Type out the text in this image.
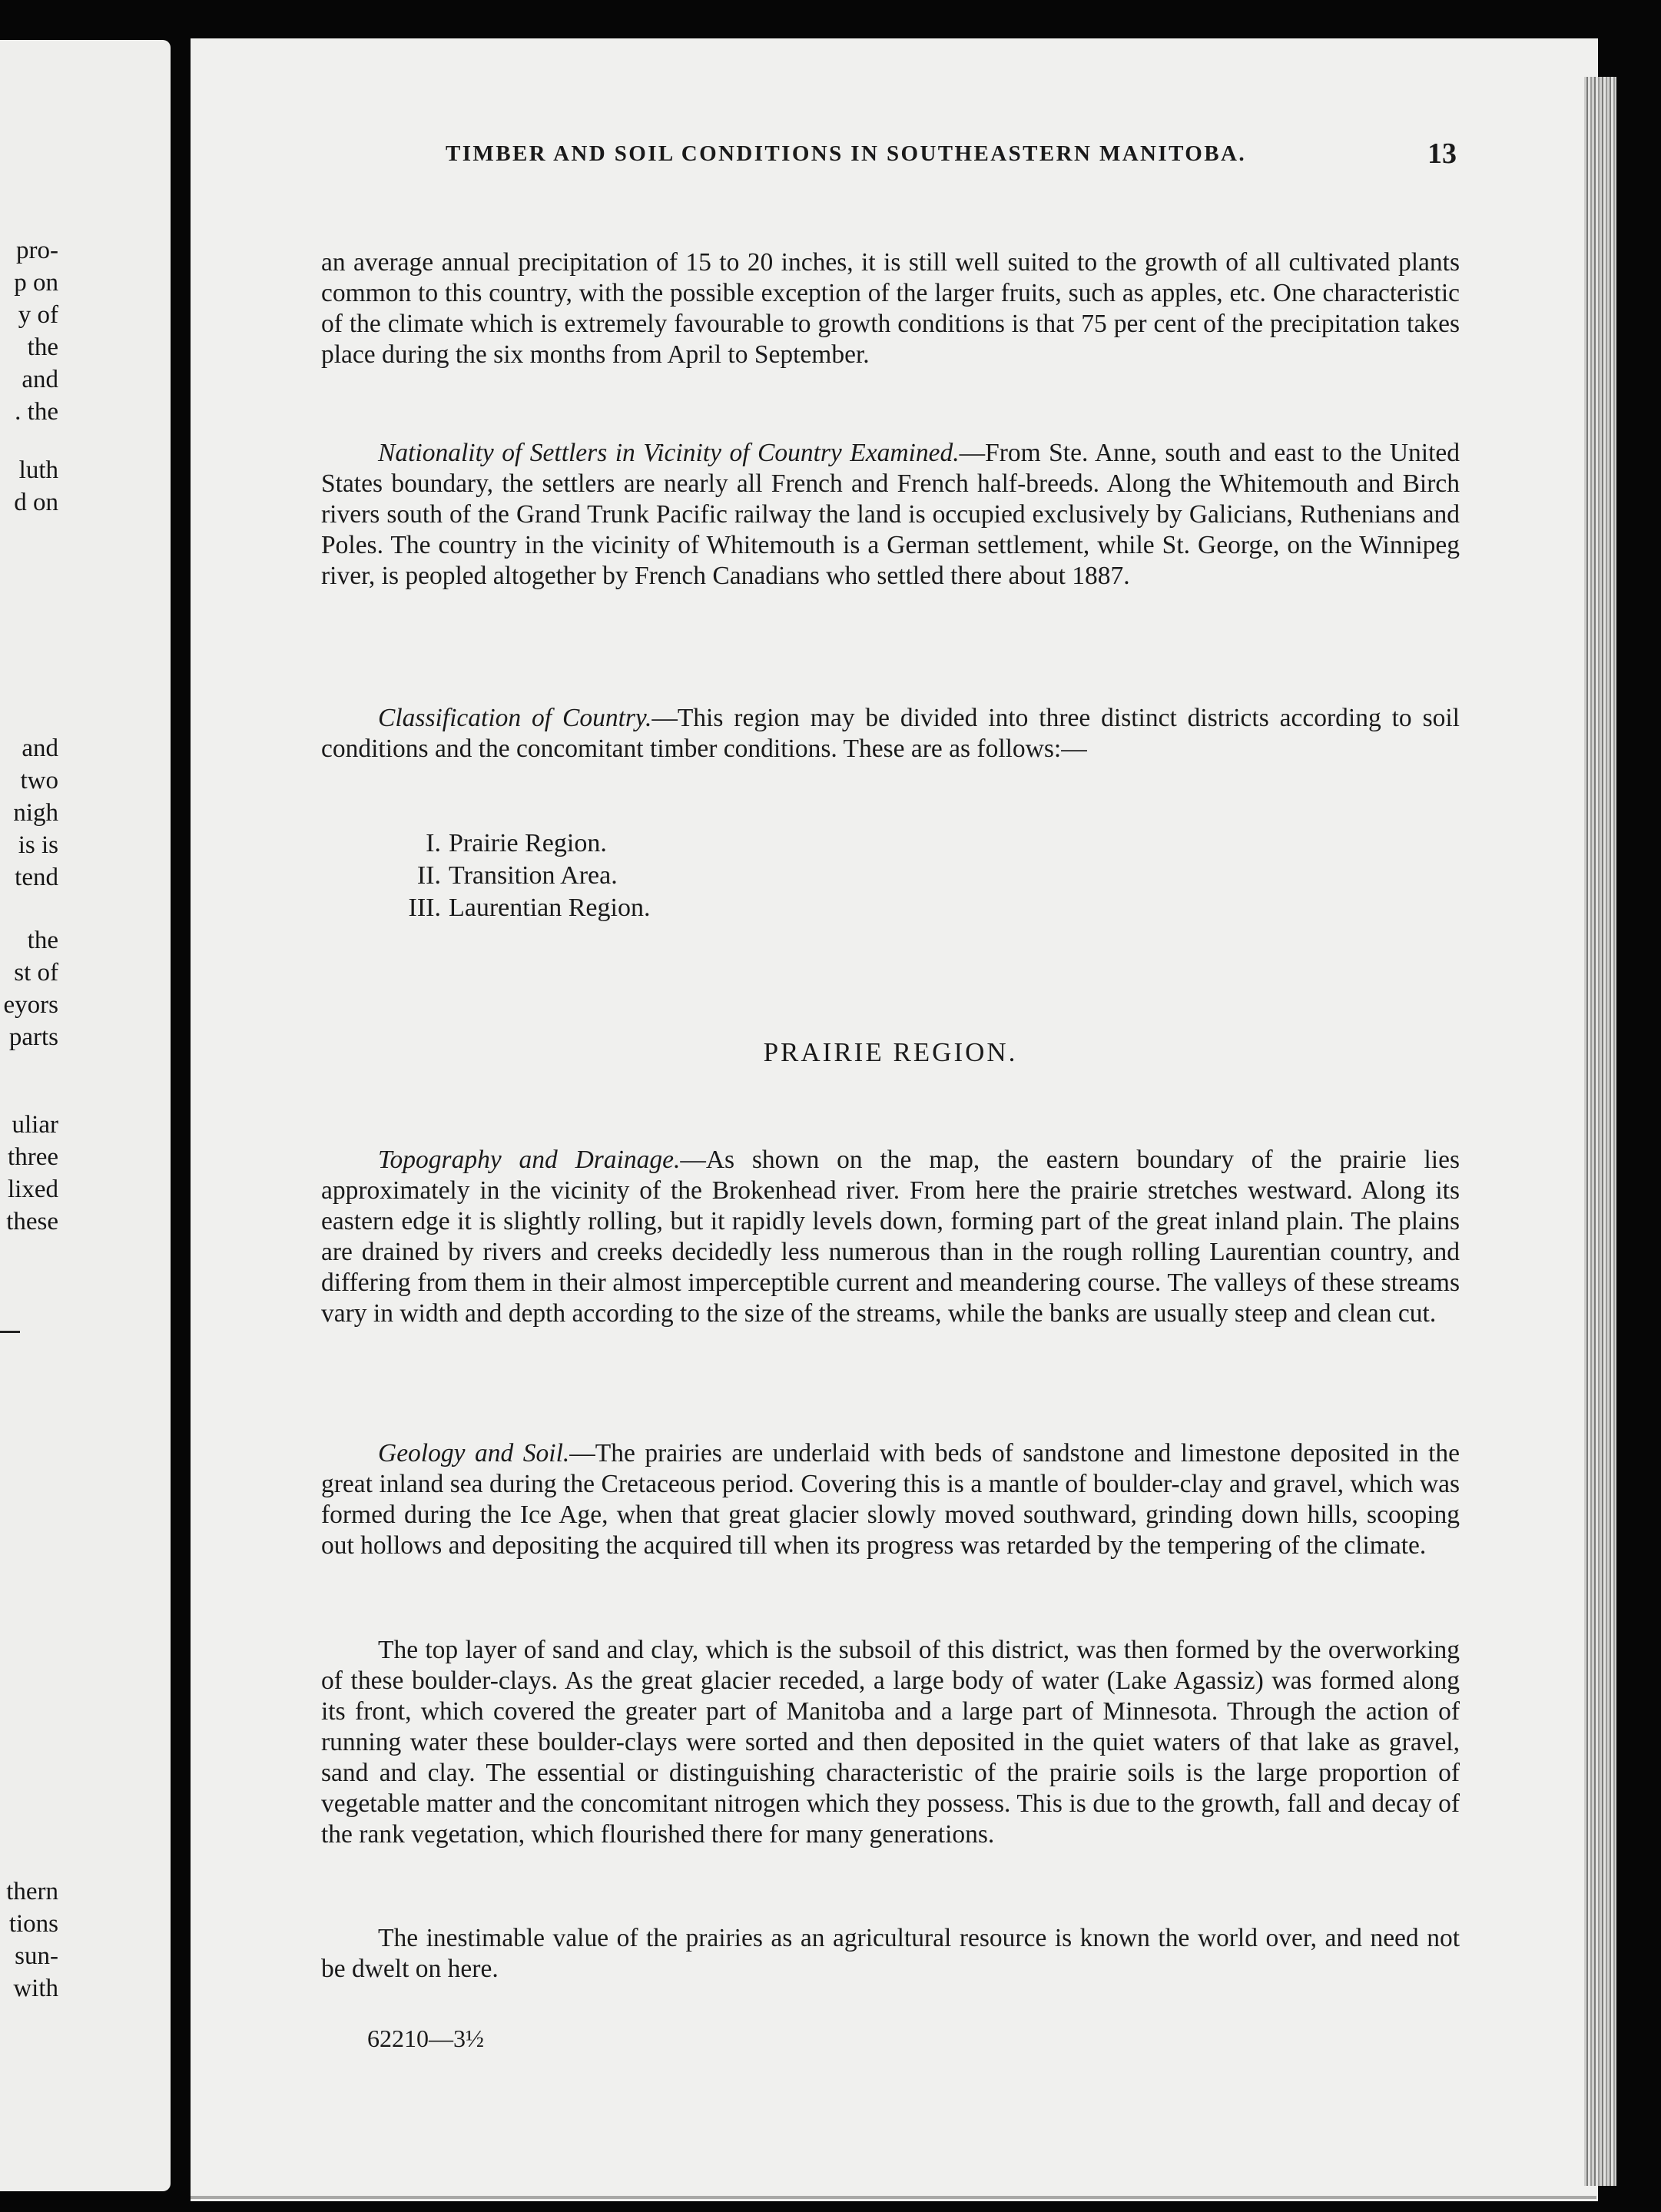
pro-
p on
y of
the
and
. the
luth
d on
and
two
nigh
is is
tend
the
st of
eyors
parts
uliar
three
lixed
these
thern
tions
sun-
with
TIMBER AND SOIL CONDITIONS IN SOUTHEASTERN MANITOBA.	13

an average annual precipitation of 15 to 20 inches, it is still well suited to the growth of all cultivated plants common to this country, with the possible exception of the larger fruits, such as apples, etc. One characteristic of the climate which is extremely favourable to growth conditions is that 75 per cent of the precipitation takes place during the six months from April to September.

Nationality of Settlers in Vicinity of Country Examined.—From Ste. Anne, south and east to the United States boundary, the settlers are nearly all French and French half-breeds. Along the Whitemouth and Birch rivers south of the Grand Trunk Pacific railway the land is occupied exclusively by Galicians, Ruthenians and Poles. The country in the vicinity of Whitemouth is a German settlement, while St. George, on the Winnipeg river, is peopled altogether by French Canadians who settled there about 1887.

Classification of Country.—This region may be divided into three distinct districts according to soil conditions and the concomitant timber conditions. These are as follows:—

I. Prairie Region.
II. Transition Area.
III. Laurentian Region.
PRAIRIE REGION.

Topography and Drainage.—As shown on the map, the eastern boundary of the prairie lies approximately in the vicinity of the Brokenhead river. From here the prairie stretches westward. Along its eastern edge it is slightly rolling, but it rapidly levels down, forming part of the great inland plain. The plains are drained by rivers and creeks decidedly less numerous than in the rough rolling Laurentian country, and differing from them in their almost imperceptible current and meandering course. The valleys of these streams vary in width and depth according to the size of the streams, while the banks are usually steep and clean cut.

Geology and Soil.—The prairies are underlaid with beds of sandstone and limestone deposited in the great inland sea during the Cretaceous period. Covering this is a mantle of boulder-clay and gravel, which was formed during the Ice Age, when that great glacier slowly moved southward, grinding down hills, scooping out hollows and depositing the acquired till when its progress was retarded by the tempering of the climate.

The top layer of sand and clay, which is the subsoil of this district, was then formed by the overworking of these boulder-clays. As the great glacier receded, a large body of water (Lake Agassiz) was formed along its front, which covered the greater part of Manitoba and a large part of Minnesota. Through the action of running water these boulder-clays were sorted and then deposited in the quiet waters of that lake as gravel, sand and clay. The essential or distinguishing characteristic of the prairie soils is the large proportion of vegetable matter and the concomitant nitrogen which they possess. This is due to the growth, fall and decay of the rank vegetation, which flourished there for many generations.

The inestimable value of the prairies as an agricultural resource is known the world over, and need not be dwelt on here.

62210—3½
